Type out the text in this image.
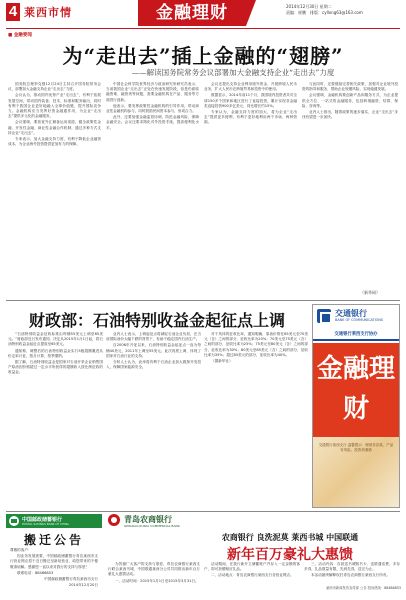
4 莱西市情	金融理财	2014年12月30日 星期二
责编：崔鹏　排版：cyllxng63@163.com
■ 金融要闻
为“走出去”插上金融的“翅膀”
——解读国务院常务会议部署加大金融支持企业“走出去”力度

国务院总理李克强12月24日主持召开国务院常务会议，部署加大金融支持企业“走出去”力度。

会议认为，推动国内优势产业“走出去”，有利于拓展发展空间，带动国内装备、技术、标准和服务输出，同时有利于我国企业更好地融入全球价值链，提升国际竞争力。金融机构应当发挥好资金融通作用，为企业“走出去”提供多元化的金融服务。

会议强调，要拓宽外汇储备运用渠道，健全政策性金融、开发性金融、商业性金融合作机制，通过多种方式支持企业“走出去”。

专家表示，加大金融支持力度，有利于降低企业融资成本，为企业海外投资提供更加有力的保障。

中国社会科学院世界经济与政治研究所研究员表示，当前我国企业“走出去”正处在快速发展阶段，但是仍面临融资难、融资贵等问题，需要金融机构在产品、服务等方面进行创新。

他表示，要发挥政策性金融机构的引导作用，带动商业性金融机构参与，同时鼓励民间资本参与，形成合力。

此外，还要加强金融监管协调，防范金融风险，保障金融安全。会议还要求简化对外投资手续，提高便利化水平。

会议还提出支持企业利用境外资金、开展跨境人民币业务，扩大人民币在跨境贸易和投资中的使用。

数据显示，2014年前11个月，我国境内投资者共对全球150多个国家和地区进行了直接投资，累计实现非金融类直接投资900多亿美元，同比增长约15%。

专家认为，金融支持力度的加大，将为企业“走出去”提供更多便利，有利于更好地利用两个市场、两种资源。

与此同时，还要继续完善相关政策，加强对企业境外投资的指导和服务，帮助企业规避风险，实现稳健发展。

会议强调，金融机构要创新产品和服务方式，为企业提供全方位、一站式的金融服务，包括跨境融资、结算、保险、咨询等。

业内人士指出，随着政策的逐步落实，企业“走出去”步伐有望进一步加快。

（新华网）
财政部：石油特别收益金起征点上调

“石油特别收益金征收标准由每桶55美元上调至65美元。”财政部近日发布通知，决定从2015年1月1日起，将石油特别收益金起征点提高至65美元。

通知称，调整后的石油特别收益金实行5级超额累进从价定率计征，按月计算、按季缴纳。

据了解，石油特别收益金是国家对石油开采企业销售国产原油因价格超过一定水平所获得的超额收入按比例征收的收益金。

业内人士表示，上调起征点将减轻石油企业负担，在当前国际油价大幅下跌的背景下，有助于稳定国内石油生产。

自2006年开征以来，石油特别收益金起征点一直为每桶40美元，2011年上调至55美元。此次再度上调，体现了国家对石油行业的支持。

分析人士认为，此举将有利于石油企业加大勘探开发投入，保障国家能源安全。

对于具体的征收比率，通知明确，原油价格在65美元至70美元（含）之间的部分，征收比率为20%；70美元至75美元（含）之间的部分，征收比率为25%；75美元至80美元（含）之间的部分，征收比率为30%；80美元至85美元（含）之间的部分，征收比率为35%；超过85美元的部分，征收比率为40%。

（据新华社）

交通银行
BANK OF COMMUNICATIONS
交通银行莱西支行协办
金融理财
交通银行莱西支行 温馨提示：理财非存款，产品有风险，投资须谨慎
中国邮政储蓄银行
POSTAL SAVINGS BANK OF CHINA
搬迁公告

尊敬的客户：

因业务发展需要，中国邮政储蓄银行青岛莱西市支行营业网点将于近日搬迁至新址营业，给您带来的不便敬请谅解。感谢您一直以来对我行的支持与厚爱！

联系电话：88486853

中国邮政储蓄银行青岛莱西市支行

2014年12月20日

青岛农商银行
QINGDAO RURAL COMMERCIAL BANK
农商银行 良洗泥莫 莱西书城 中国联通
新年百万豪礼大惠馈

为答谢广大客户的支持与厚爱，青岛农商银行莱西支行联合莱西书城、中国联通莱西分公司共同推出新年百万豪礼大惠馈活动。

一、活动时间：2015年1月1日至2015年3月31日。

活动期间，在我行新开立储蓄账户并存入一定金额的客户，即可获赠相应礼品。

二、活动地点：青岛农商银行莱西支行各营业网点。

三、活动内容：存款送书城购书卡、送联通话费，多存多得，礼品数量有限，先到先得，送完为止。

本活动最终解释权归青岛农商银行莱西支行所有。

莱西市新闻发布宣传部 公告 投诉热线：88486853
